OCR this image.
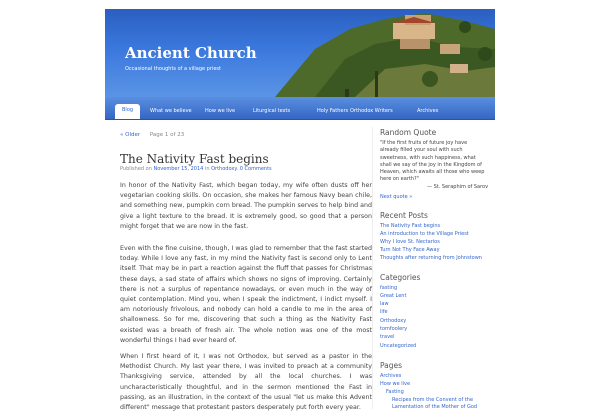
Ancient Church
Occasional thoughts of a village priest
Blog	What we believe	How we live	Liturgical texts	Holy Fathers Orthodox Writers	Archives
« Older Page 1 of 23
The Nativity Fast begins
Published on November 15, 2014 in Orthodoxy. 0 Comments
In honor of the Nativity Fast, which began today, my wife often dusts off her vegetarian cooking skills. On occasion, she makes her famous Navy bean chile, and something new, pumpkin corn bread. The pumpkin serves to help bind and give a light texture to the bread. It is extremely good, so good that a person might forget that we are now in the fast.
Even with the fine cuisine, though, I was glad to remember that the fast started today. While I love any fast, in my mind the Nativity fast is second only to Lent itself. That may be in part a reaction against the fluff that passes for Christmas these days, a sad state of affairs which shows no signs of improving. Certainly there is not a surplus of repentance nowadays, or even much in the way of quiet contemplation. Mind you, when I speak the indictment, I indict myself. I am notoriously frivolous, and nobody can hold a candle to me in the area of shallowness. So for me, discovering that such a thing as the Nativity Fast existed was a breath of fresh air. The whole notion was one of the most wonderful things I had ever heard of.
When I first heard of it, I was not Orthodox, but served as a pastor in the Methodist Church. My last year there, I was invited to preach at a community Thanksgiving service, attended by all the local churches. I was uncharacteristically thoughtful, and in the sermon mentioned the Fast in passing, as an illustration, in the context of the usual "let us make this Advent different" message that protestant pastors desperately put forth every year.
Random Quote
"If the first fruits of future joy have already filled your soul with such sweetness, with such happiness, what shall we say of the joy in the Kingdom of Heaven, which awaits all those who weep here on earth?"
— St. Seraphim of Sarov
Next quote »
Recent Posts
The Nativity Fast begins
An introduction to the Village Priest
Why I love St. Nectarios
Turn Not Thy Face Away
Thoughts after returning from Johnstown
Categories
fasting
Great Lent
law
life
Orthodoxy
tomfoolery
travel
Uncategorized
Pages
Archives
How we live
Fasting
Recipes from the Convent of the
Lamentation of the Mother of God
